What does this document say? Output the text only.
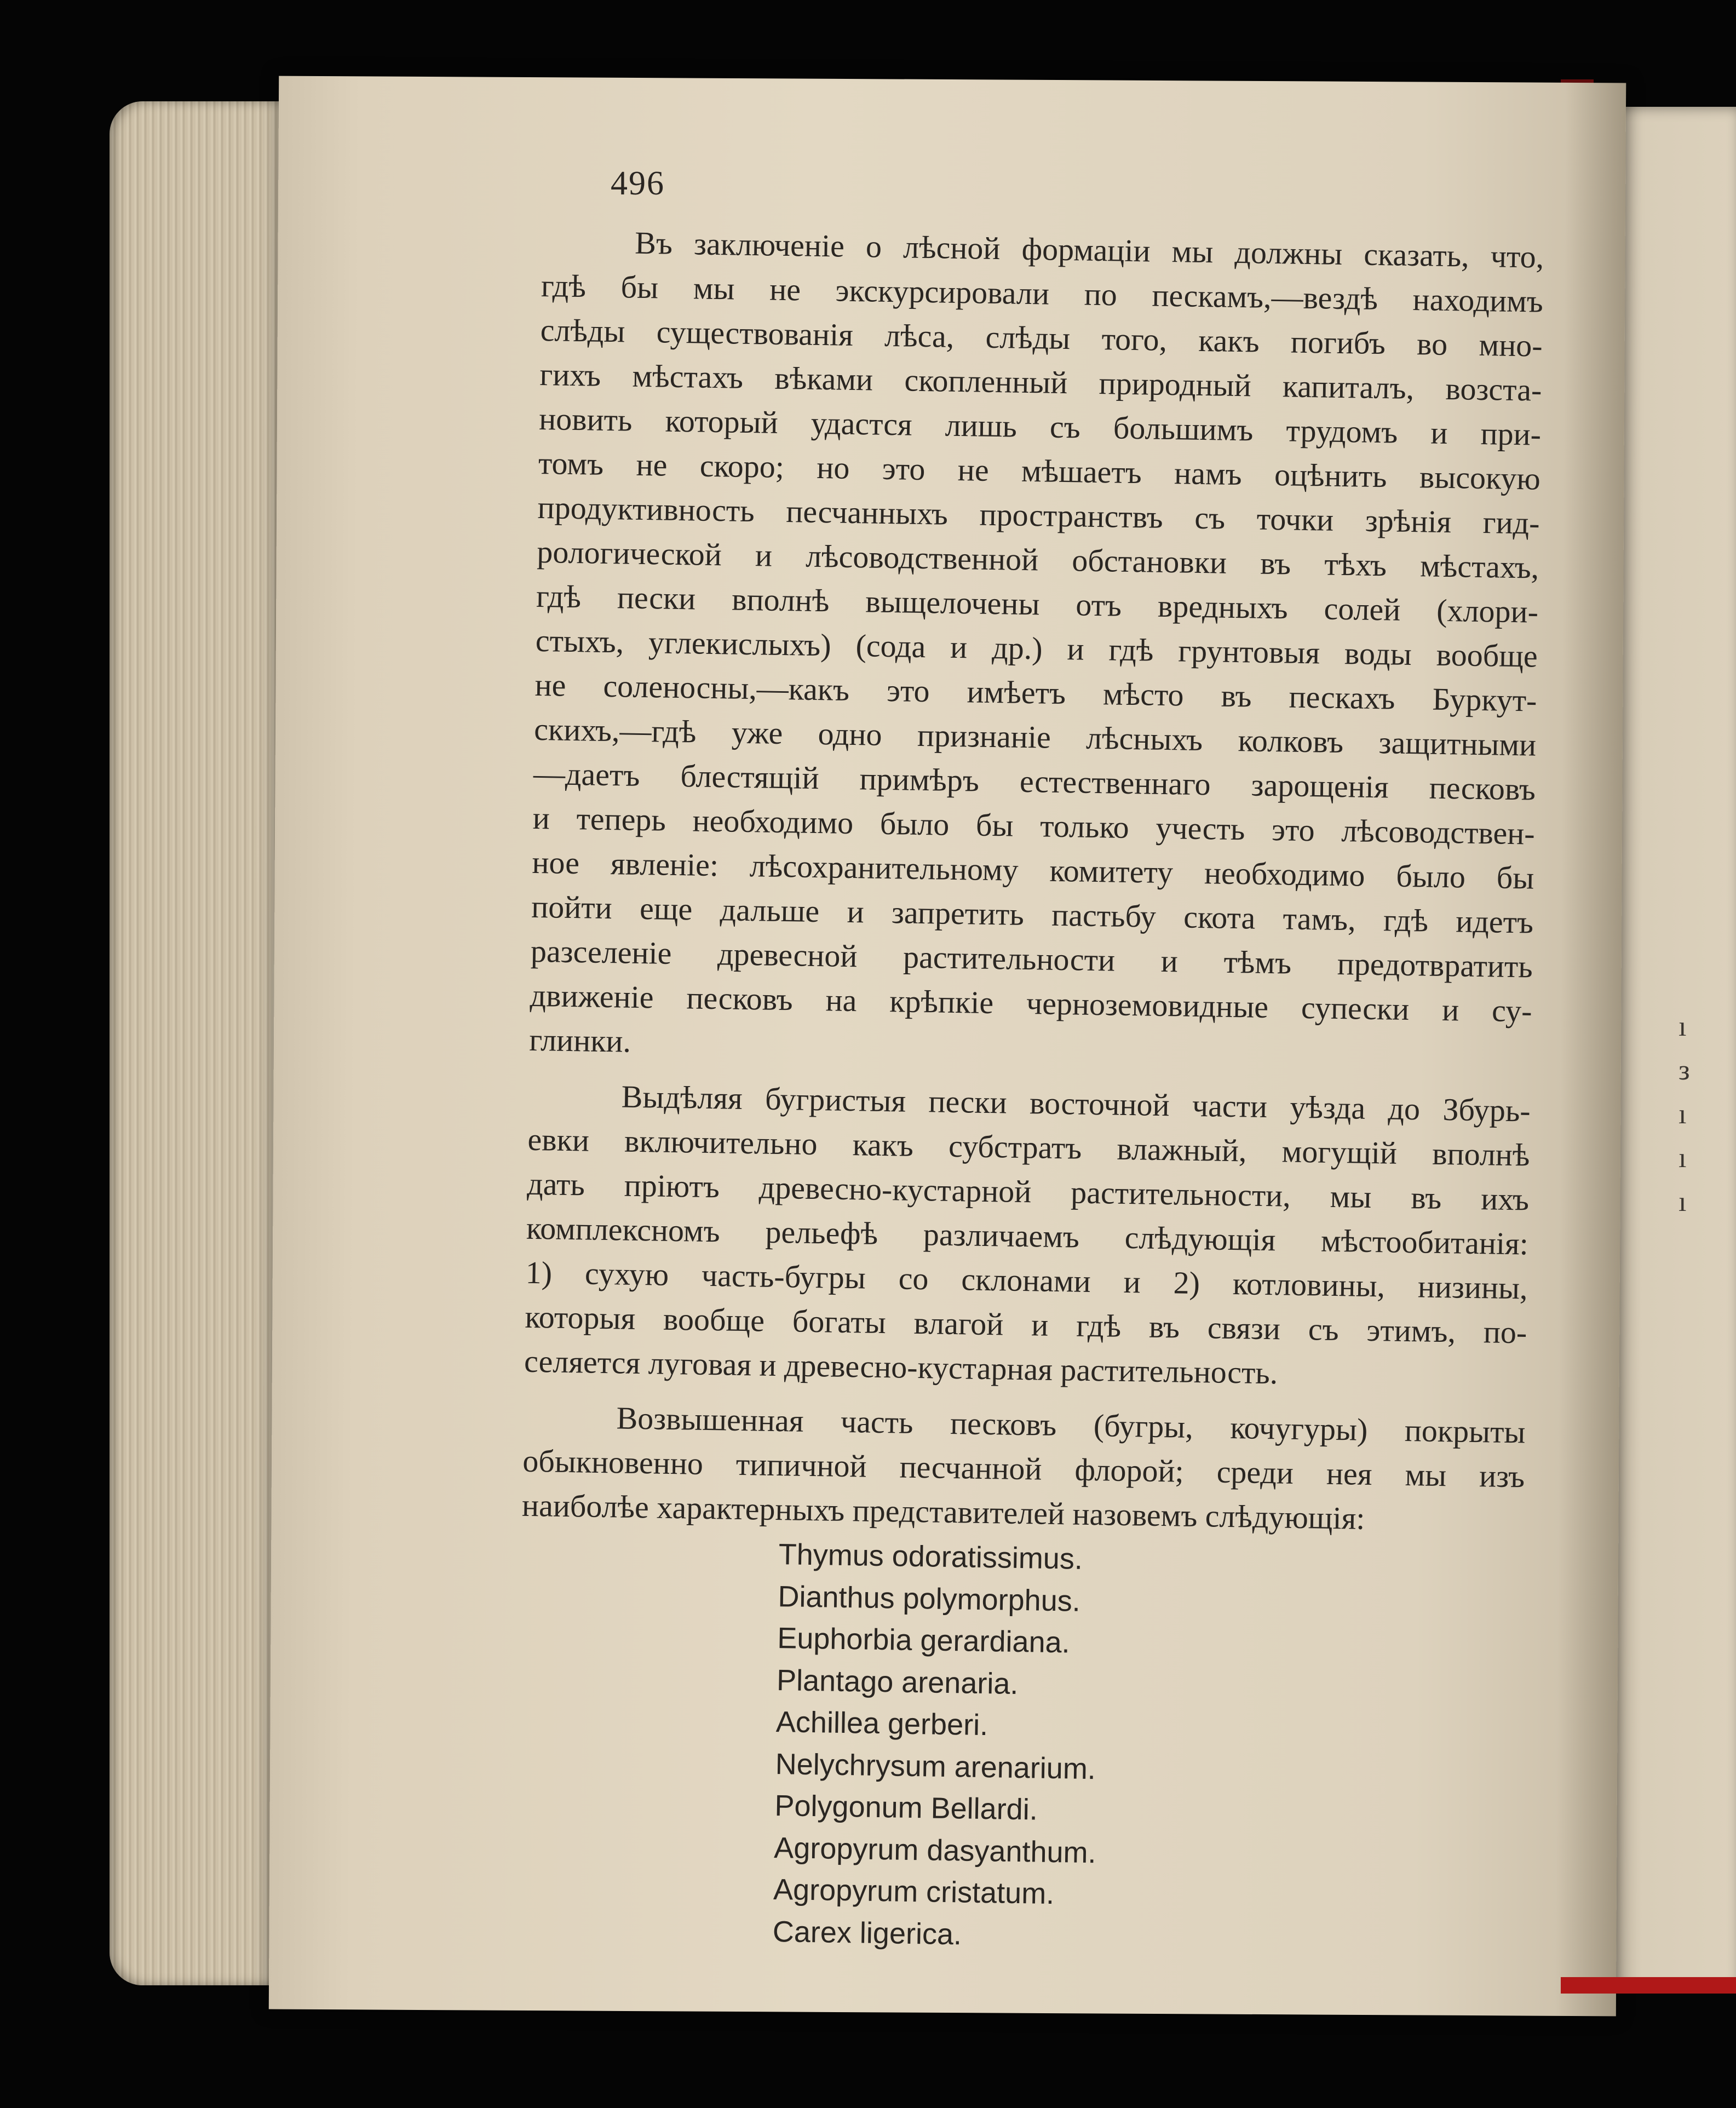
ı
з
ı
ı
ı
496
Въ заключеніе о лѣсной формаціи мы должны сказать, что,
гдѣ бы мы не экскурсировали по пескамъ,—вездѣ находимъ
слѣды существованія лѣса, слѣды того, какъ погибъ во мно-
гихъ мѣстахъ вѣками скопленный природный капиталъ, возста-
новить который удастся лишь съ большимъ трудомъ и при-
томъ не скоро; но это не мѣшаетъ намъ оцѣнить высокую
продуктивность песчанныхъ пространствъ съ точки зрѣнія гид-
рологической и лѣсоводственной обстановки въ тѣхъ мѣстахъ,
гдѣ пески вполнѣ выщелочены отъ вредныхъ солей (хлори-
стыхъ, углекислыхъ) (сода и др.) и гдѣ грунтовыя воды вообще
не соленосны,—какъ это имѣетъ мѣсто въ пескахъ Буркут-
скихъ,—гдѣ уже одно признаніе лѣсныхъ колковъ защитными
—даетъ блестящій примѣръ естественнаго зарощенія песковъ
и теперь необходимо было бы только учесть это лѣсоводствен-
ное явленіе: лѣсохранительному комитету необходимо было бы
пойти еще дальше и запретить пастьбу скота тамъ, гдѣ идетъ
разселеніе древесной растительности и тѣмъ предотвратить
движеніе песковъ на крѣпкіе черноземовидные супески и су-
глинки.
Выдѣляя бугристыя пески восточной части уѣзда до Збурь-
евки включительно какъ субстратъ влажный, могущій вполнѣ
дать пріютъ древесно-кустарной растительности, мы въ ихъ
комплексномъ рельефѣ различаемъ слѣдующія мѣстообитанія:
1) сухую часть-бугры со склонами и 2) котловины, низины,
которыя вообще богаты влагой и гдѣ въ связи съ этимъ, по-
селяется луговая и древесно-кустарная растительность.
Возвышенная часть песковъ (бугры, кочугуры) покрыты
обыкновенно типичной песчанной флорой; среди нея мы изъ
наиболѣе характерныхъ представителей назовемъ слѣдующія:
Thymus odoratissimus.
Dianthus polymorphus.
Euphorbia gerardiana.
Plantago arenaria.
Achillea gerberi.
Nelychrysum arenarium.
Polygonum Bellardi.
Agropyrum dasyanthum.
Agropyrum cristatum.
Carex ligerica.
